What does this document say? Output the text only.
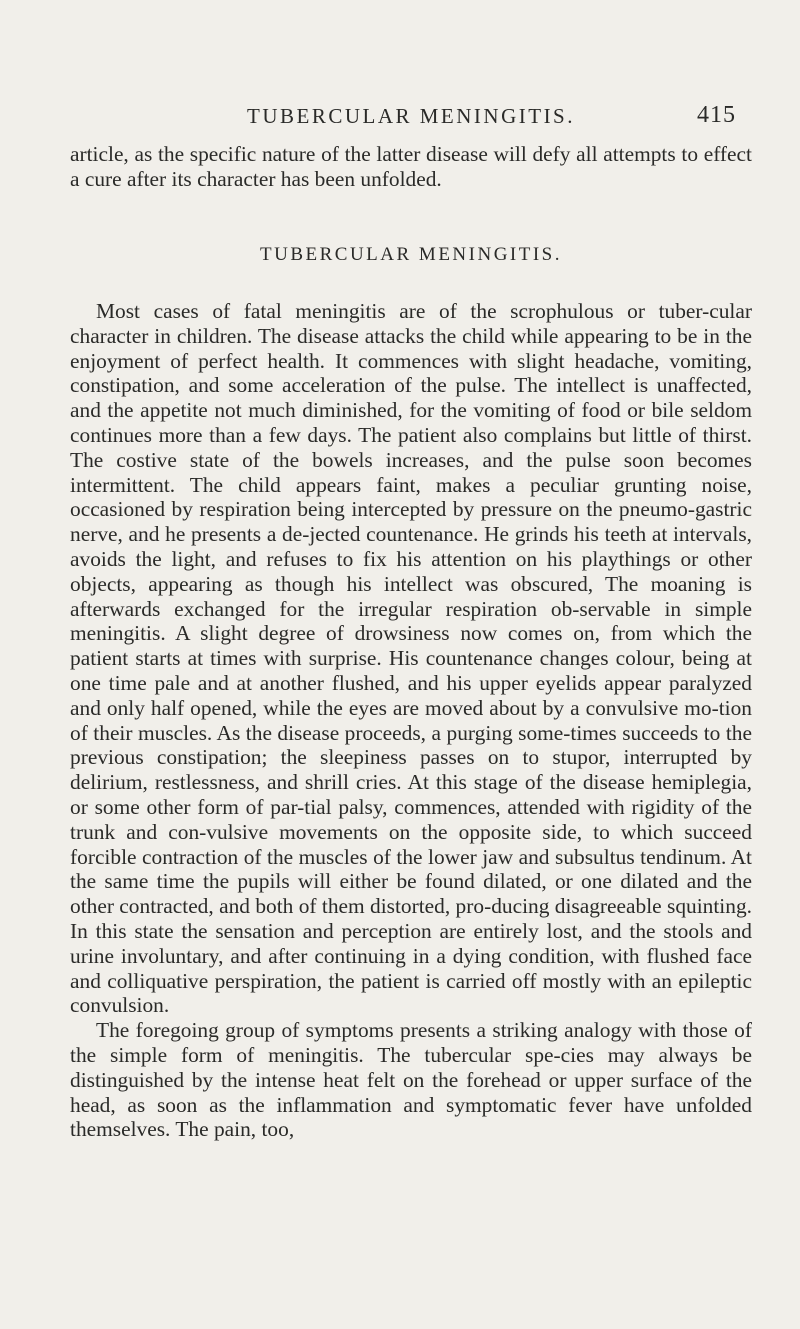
TUBERCULAR MENINGITIS.	415
article, as the specific nature of the latter disease will defy all attempts to effect a cure after its character has been unfolded.
TUBERCULAR MENINGITIS.

Most cases of fatal meningitis are of the scrophulous or tuber-cular character in children. The disease attacks the child while appearing to be in the enjoyment of perfect health. It commences with slight headache, vomiting, constipation, and some acceleration of the pulse. The intellect is unaffected, and the appetite not much diminished, for the vomiting of food or bile seldom continues more than a few days. The patient also complains but little of thirst. The costive state of the bowels increases, and the pulse soon becomes intermittent. The child appears faint, makes a peculiar grunting noise, occasioned by respiration being intercepted by pressure on the pneumo-gastric nerve, and he presents a de-jected countenance. He grinds his teeth at intervals, avoids the light, and refuses to fix his attention on his playthings or other objects, appearing as though his intellect was obscured, The moaning is afterwards exchanged for the irregular respiration ob-servable in simple meningitis. A slight degree of drowsiness now comes on, from which the patient starts at times with surprise. His countenance changes colour, being at one time pale and at another flushed, and his upper eyelids appear paralyzed and only half opened, while the eyes are moved about by a convulsive mo-tion of their muscles. As the disease proceeds, a purging some-times succeeds to the previous constipation; the sleepiness passes on to stupor, interrupted by delirium, restlessness, and shrill cries. At this stage of the disease hemiplegia, or some other form of par-tial palsy, commences, attended with rigidity of the trunk and con-vulsive movements on the opposite side, to which succeed forcible contraction of the muscles of the lower jaw and subsultus tendinum. At the same time the pupils will either be found dilated, or one dilated and the other contracted, and both of them distorted, pro-ducing disagreeable squinting. In this state the sensation and perception are entirely lost, and the stools and urine involuntary, and after continuing in a dying condition, with flushed face and colliquative perspiration, the patient is carried off mostly with an epileptic convulsion.

The foregoing group of symptoms presents a striking analogy with those of the simple form of meningitis. The tubercular spe-cies may always be distinguished by the intense heat felt on the forehead or upper surface of the head, as soon as the inflammation and symptomatic fever have unfolded themselves. The pain, too,
